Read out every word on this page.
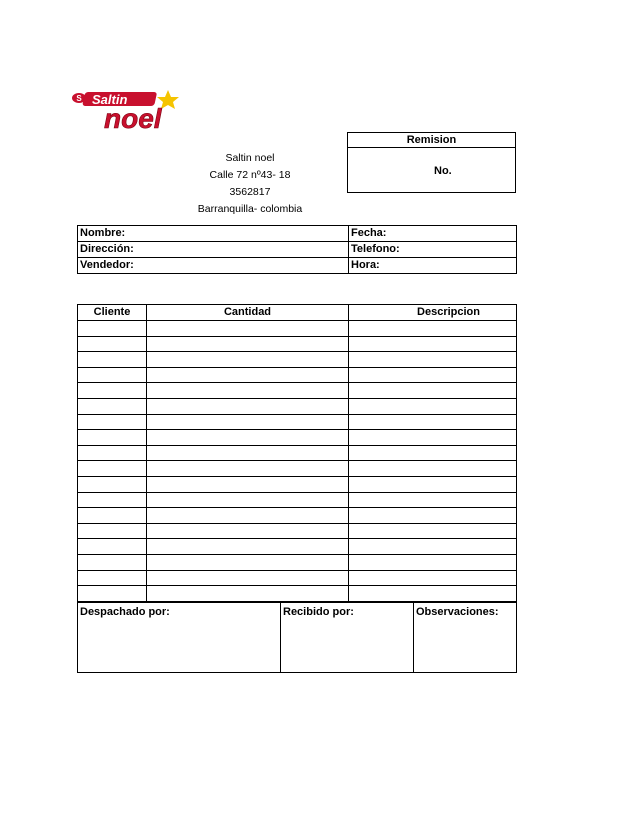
S Saltin
noel
Saltin noel
Calle 72 nº43- 18
3562817
Barranquilla- colombia
Remision
No.
Nombre:	Fecha:
Dirección:	Telefono:
Vendedor:	Hora:
Cliente	Cantidad	Descripcion

Despachado por:	Recibido por:	Observaciones:
